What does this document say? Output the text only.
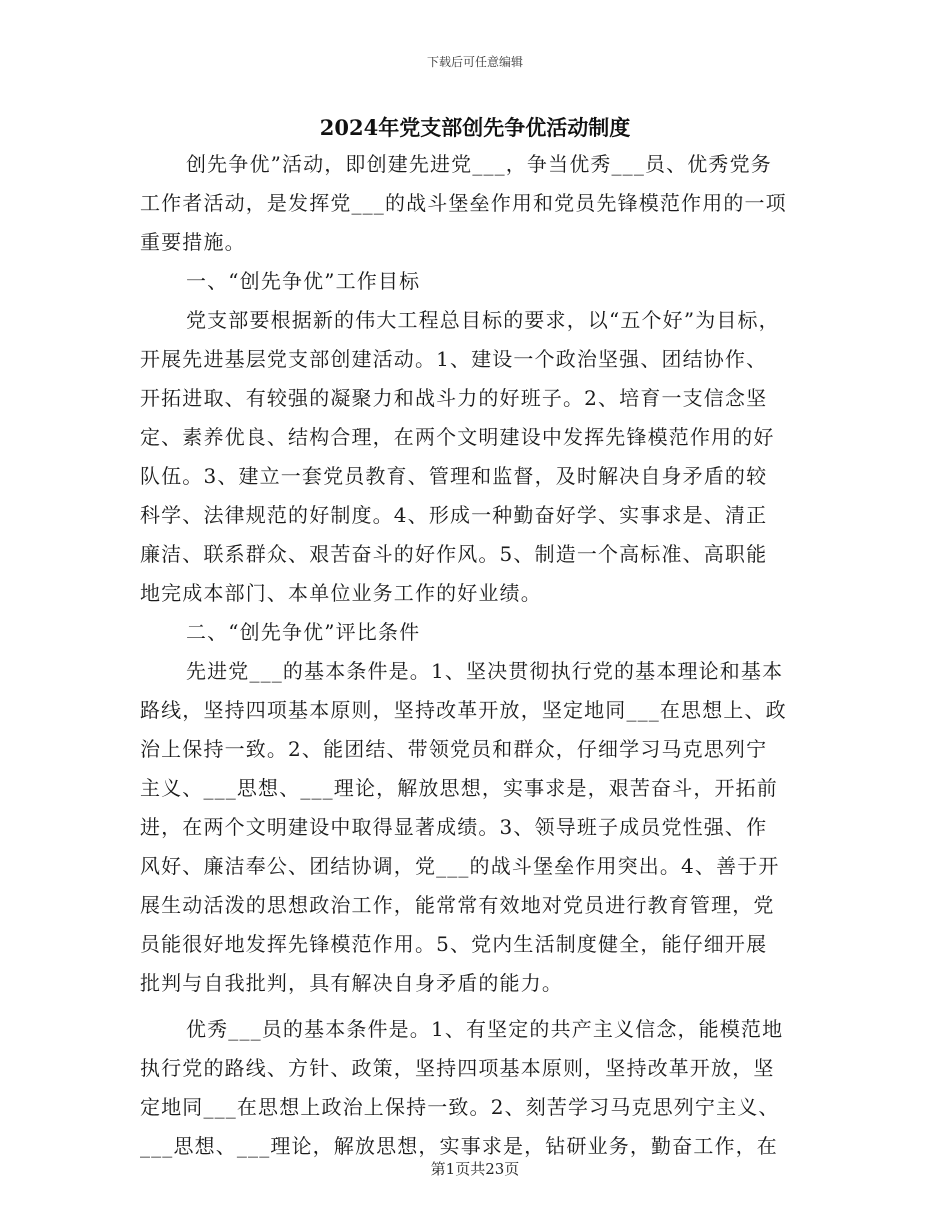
下载后可任意编辑
2024年党支部创先争优活动制度
创先争优”活动，即创建先进党___，争当优秀___员、优秀党务
工作者活动，是发挥党___的战斗堡垒作用和党员先锋模范作用的一项
重要措施。
一、“创先争优”工作目标
党支部要根据新的伟大工程总目标的要求，以“五个好”为目标，
开展先进基层党支部创建活动。1、建设一个政治坚强、团结协作、
开拓进取、有较强的凝聚力和战斗力的好班子。2、培育一支信念坚
定、素养优良、结构合理，在两个文明建设中发挥先锋模范作用的好
队伍。3、建立一套党员教育、管理和监督，及时解决自身矛盾的较
科学、法律规范的好制度。4、形成一种勤奋好学、实事求是、清正
廉洁、联系群众、艰苦奋斗的好作风。5、制造一个高标准、高职能
地完成本部门、本单位业务工作的好业绩。
二、“创先争优”评比条件
先进党___的基本条件是。1、坚决贯彻执行党的基本理论和基本
路线，坚持四项基本原则，坚持改革开放，坚定地同___在思想上、政
治上保持一致。2、能团结、带领党员和群众，仔细学习马克思列宁
主义、___思想、___理论，解放思想，实事求是，艰苦奋斗，开拓前
进，在两个文明建设中取得显著成绩。3、领导班子成员党性强、作
风好、廉洁奉公、团结协调，党___的战斗堡垒作用突出。4、善于开
展生动活泼的思想政治工作，能常常有效地对党员进行教育管理，党
员能很好地发挥先锋模范作用。5、党内生活制度健全，能仔细开展
批判与自我批判，具有解决自身矛盾的能力。
优秀___员的基本条件是。1、有坚定的共产主义信念，能模范地
执行党的路线、方针、政策，坚持四项基本原则，坚持改革开放，坚
定地同___在思想上政治上保持一致。2、刻苦学习马克思列宁主义、
___思想、___理论，解放思想，实事求是，钻研业务，勤奋工作，在
第1页共23页
